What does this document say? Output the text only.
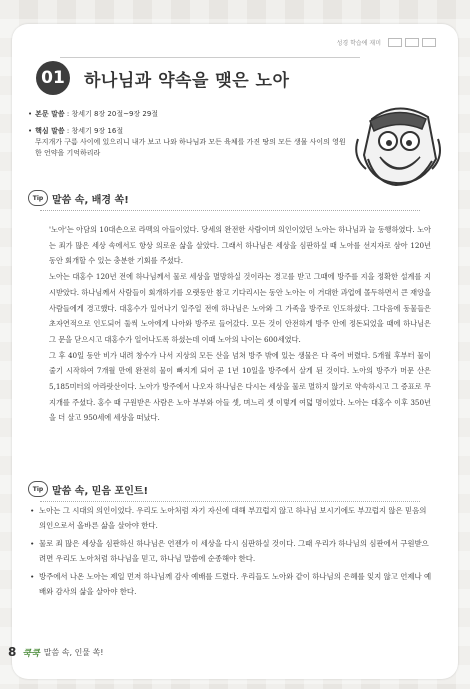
성경 학습에 재미
01	하나님과 약속을 맺은 노아
• 본문 말씀 : 창세기 8장 20절~9장 29절
• 핵심 말씀 : 창세기 9장 16절
무지개가 구름 사이에 있으리니 내가 보고 나와 하나님과 모든 육체를 가진 땅의 모든 생물 사이의 영원한 언약을 기억하리라
Tip 말씀 속, 배경 쏙!

'노아'는 아담의 10대손으로 라멕의 아들이었다. 당세의 완전한 사람이며 의인이었던 노아는 하나님과 늘 동행하였다. 노아는 죄가 많은 세상 속에서도 항상 의로운 삶을 살았다. 그래서 하나님은 세상을 심판하실 때 노아를 선지자로 삼아 120년 동안 회개할 수 있는 충분한 기회를 주셨다.

노아는 대홍수 120년 전에 하나님께서 물로 세상을 멸망하실 것이라는 경고를 받고 그때에 방주를 지을 정확한 설계를 지시받았다. 하나님께서 사람들이 회개하기를 오랫동안 참고 기다리시는 동안 노아는 이 거대한 과업에 몰두하면서 큰 재앙을 사람들에게 경고했다. 대홍수가 일어나기 일주일 전에 하나님은 노아와 그 가족을 방주로 인도하셨다. 그다음에 동물들은 초자연적으로 인도되어 둘씩 노아에게 나아와 방주로 들어갔다. 모든 것이 안전하게 방주 안에 정돈되었을 때에 하나님은 그 문을 닫으시고 대홍수가 일어나도록 하셨는데 이때 노아의 나이는 600세였다.

그 후 40일 동안 비가 내려 창수가 나서 지상의 모든 산을 넘쳐 방주 밖에 있는 생물은 다 죽어 버렸다. 5개월 후부터 물이 줄기 시작하여 7개월 만에 완전히 물이 빠지게 되어 곧 1년 10일을 방주에서 살게 된 것이다. 노아의 방주가 머문 산은 5,185미터의 아라랏산이다. 노아가 방주에서 나오자 하나님은 다시는 세상을 물로 멸하지 않기로 약속하시고 그 증표로 무지개를 주셨다. 홍수 때 구원받은 사람은 노아 부부와 아들 셋, 며느리 셋 이렇게 여덟 명이었다. 노아는 대홍수 이후 350년을 더 살고 950세에 세상을 떠났다.

Tip 말씀 속, 믿음 포인트!
• 노아는 그 시대의 의인이었다. 우리도 노아처럼 자기 자신에 대해 부끄럽지 않고 하나님 보시기에도 부끄럽지 않은 믿음의 의인으로서 올바른 삶을 살아야 한다.
• 물로 죄 많은 세상을 심판하신 하나님은 언젠가 이 세상을 다시 심판하실 것이다. 그때 우리가 하나님의 심판에서 구원받으려면 우리도 노아처럼 하나님을 믿고, 하나님 말씀에 순종해야 한다.
• 방주에서 나온 노아는 제일 먼저 하나님께 감사 예배를 드렸다. 우리들도 노아와 같이 하나님의 은혜를 잊지 않고 언제나 예배와 감사의 삶을 살아야 한다.
8 쿡쿡 말씀 속, 인물 쏙!
